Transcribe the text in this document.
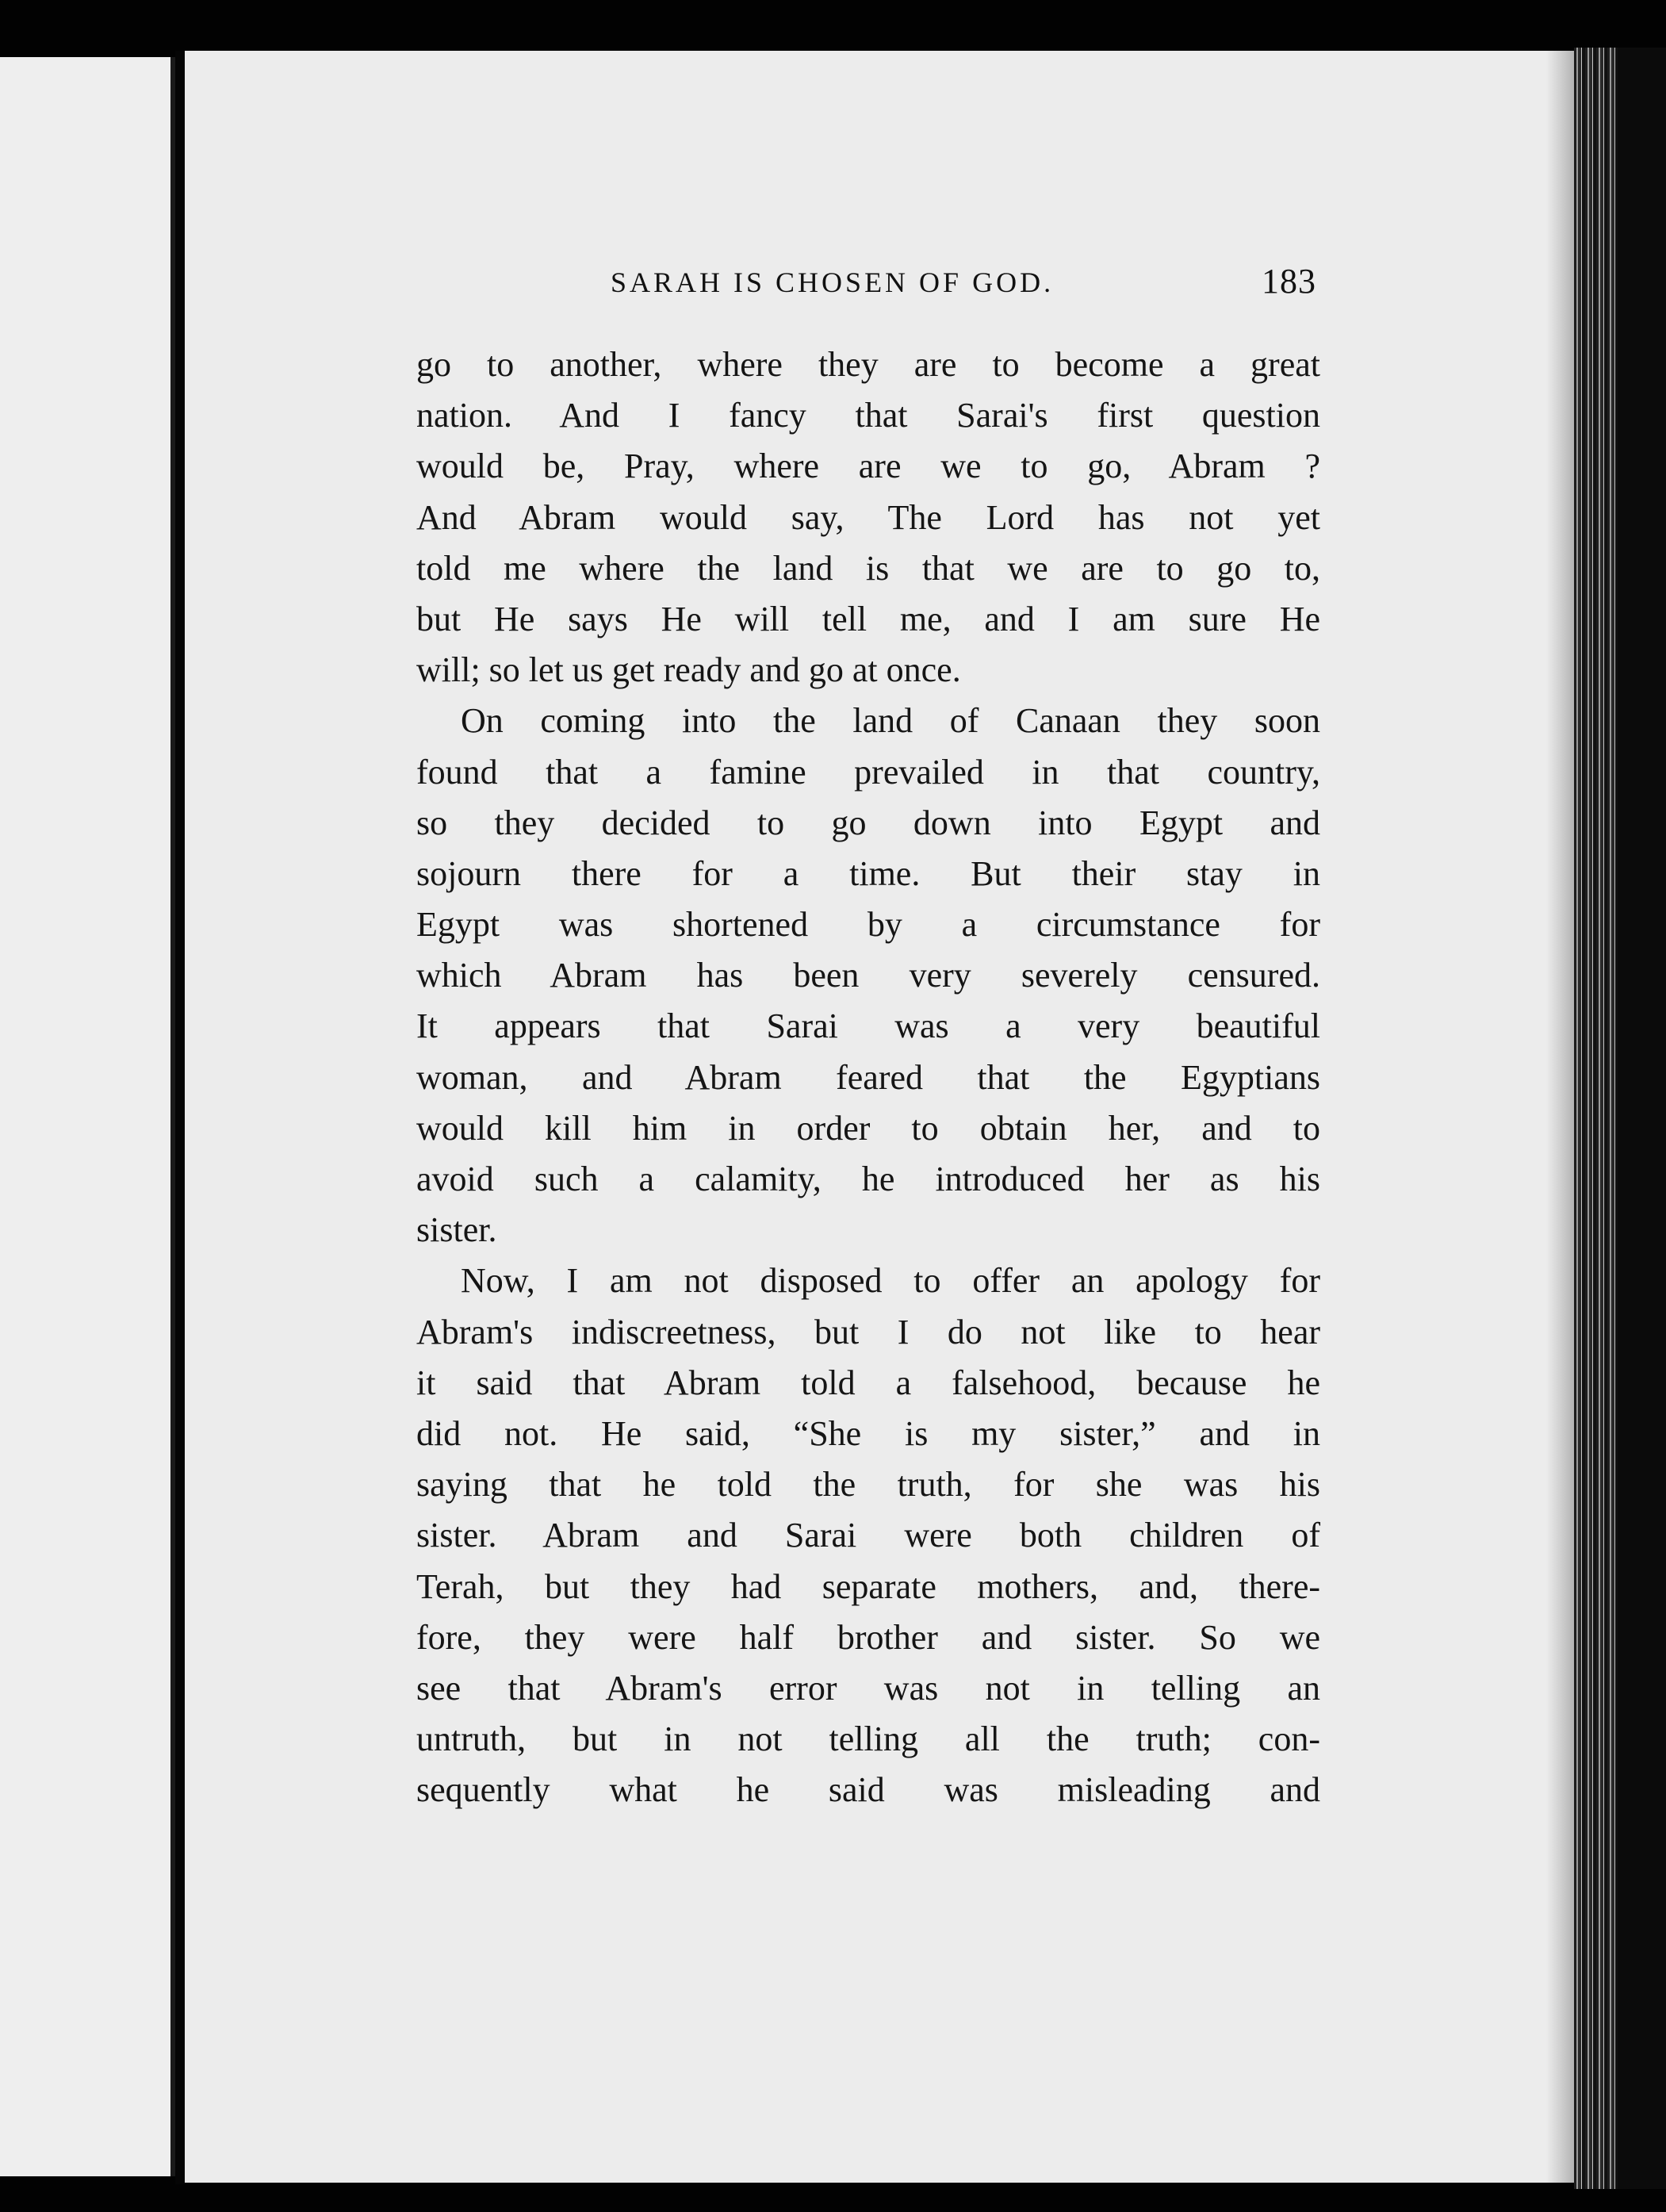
SARAH IS CHOSEN OF GOD.	183
go to another, where they are to become a great
nation. And I fancy that Sarai's first question
would be, Pray, where are we to go, Abram ?
And Abram would say, The Lord has not yet
told me where the land is that we are to go to,
but He says He will tell me, and I am sure He
will; so let us get ready and go at once.
On coming into the land of Canaan they soon
found that a famine prevailed in that country,
so they decided to go down into Egypt and
sojourn there for a time. But their stay in
Egypt was shortened by a circumstance for
which Abram has been very severely censured.
It appears that Sarai was a very beautiful
woman, and Abram feared that the Egyptians
would kill him in order to obtain her, and to
avoid such a calamity, he introduced her as his
sister.
Now, I am not disposed to offer an apology for
Abram's indiscreetness, but I do not like to hear
it said that Abram told a falsehood, because he
did not. He said, “She is my sister,” and in
saying that he told the truth, for she was his
sister. Abram and Sarai were both children of
Terah, but they had separate mothers, and, there-
fore, they were half brother and sister. So we
see that Abram's error was not in telling an
untruth, but in not telling all the truth; con-
sequently what he said was misleading and
